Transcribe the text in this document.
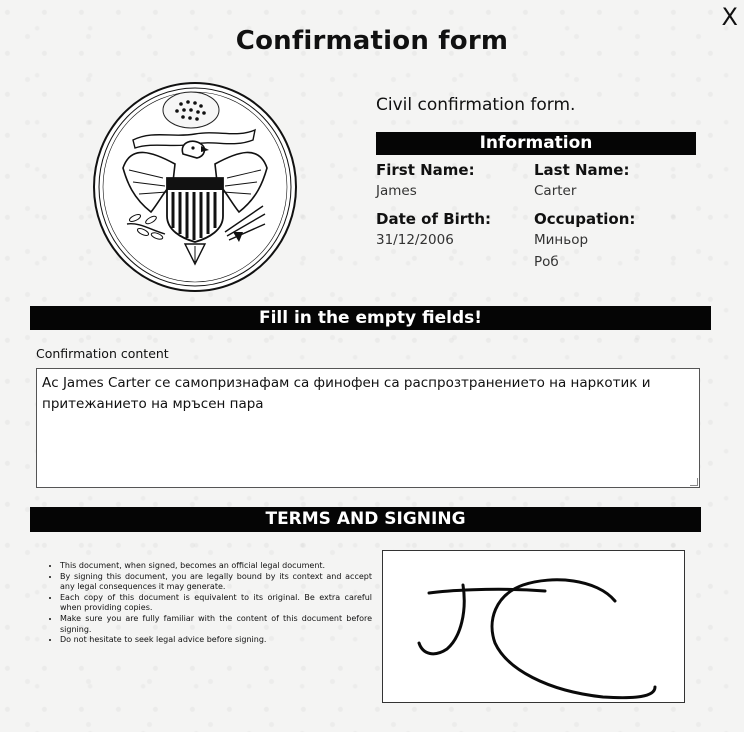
X
Confirmation form
Civil confirmation form.
Information
First Name:
James
Last Name:
Carter
Date of Birth:
31/12/2006
Occupation:
Миньор
Роб
Fill in the empty fields!
Confirmation content
Ас James Carter се самопризнафам са финофен са распрозтранението на наркотик и притежанието на мръсен пара
TERMS AND SIGNING
• This document, when signed, becomes an official legal document.
• By signing this document, you are legally bound by its context and accept any legal consequences it may generate.
• Each copy of this document is equivalent to its original. Be extra careful when providing copies.
• Make sure you are fully familiar with the content of this document before signing.
• Do not hesitate to seek legal advice before signing.
